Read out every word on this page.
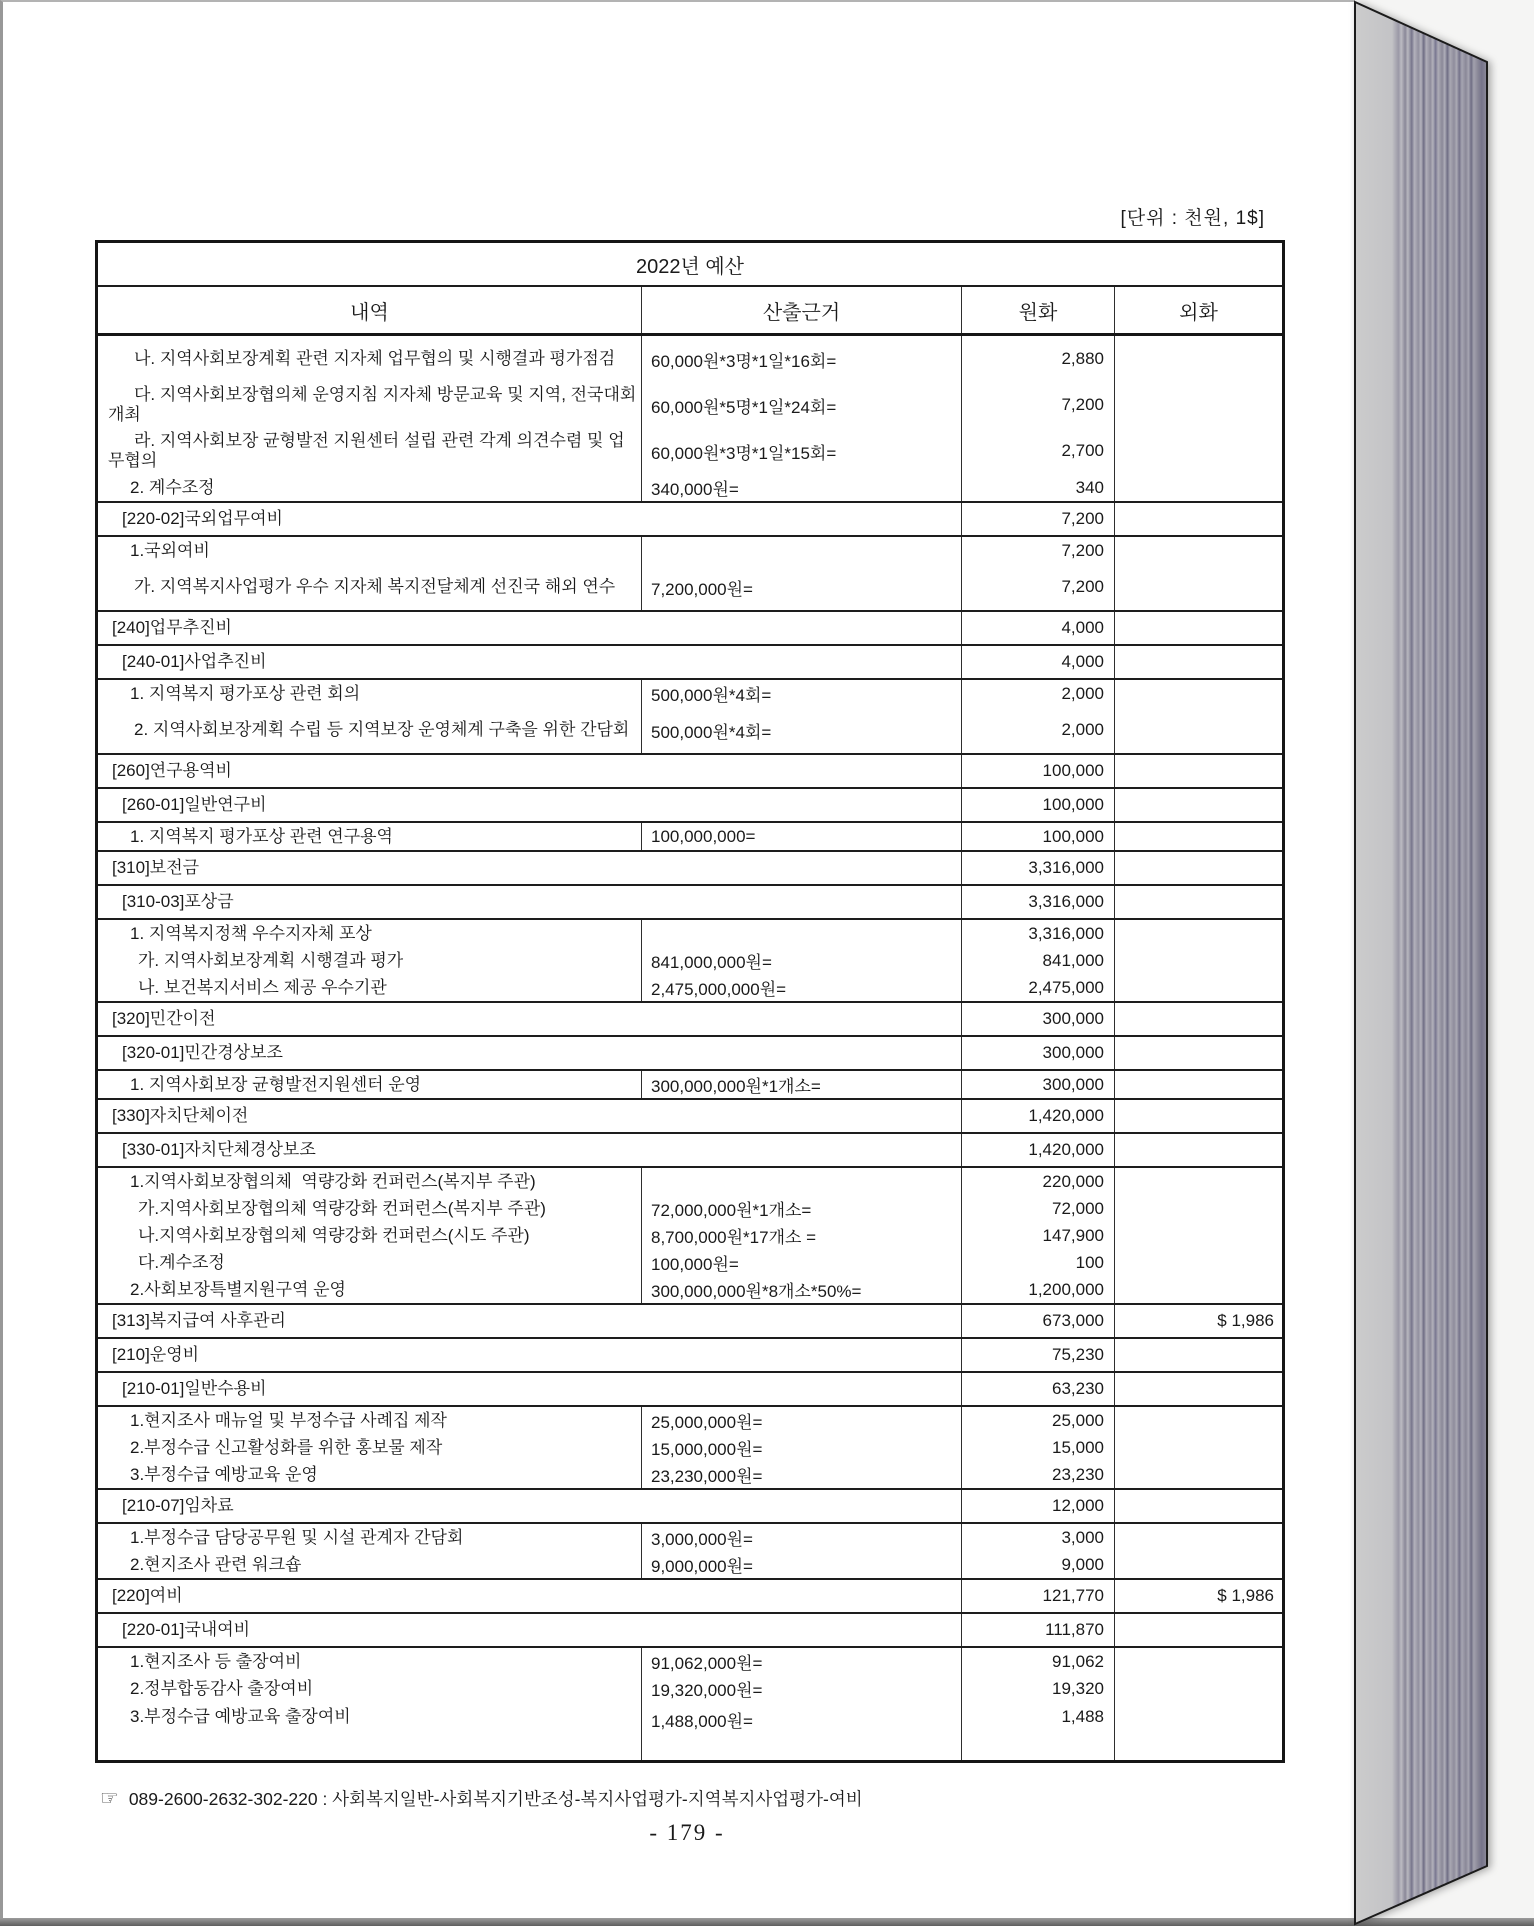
[단위 : 천원, 1$]
2022년 예산
내역	산출근거	원화	외화
나. 지역사회보장계획 관련 지자체 업무협의 및 시행결과 평가점검	60,000원*3명*1일*16회=	2,880
다. 지역사회보장협의체 운영지침 지자체 방문교육 및 지역, 전국대회 개최	60,000원*5명*1일*24회=	7,200
라. 지역사회보장 균형발전 지원센터 설립 관련 각계 의견수렴 및 업무협의	60,000원*3명*1일*15회=	2,700
2. 계수조정	340,000원=	340
[220-02]국외업무여비	7,200
1.국외여비	7,200
가. 지역복지사업평가 우수 지자체 복지전달체계 선진국 해외 연수	7,200,000원=	7,200
[240]업무추진비	4,000
[240-01]사업추진비	4,000
1. 지역복지 평가포상 관련 회의	500,000원*4회=	2,000
2. 지역사회보장계획 수립 등 지역보장 운영체계 구축을 위한 간담회	500,000원*4회=	2,000
[260]연구용역비	100,000
[260-01]일반연구비	100,000
1. 지역복지 평가포상 관련 연구용역	100,000,000=	100,000
[310]보전금	3,316,000
[310-03]포상금	3,316,000
1. 지역복지정책 우수지자체 포상	3,316,000
가. 지역사회보장계획 시행결과 평가	841,000,000원=	841,000
나. 보건복지서비스 제공 우수기관	2,475,000,000원=	2,475,000
[320]민간이전	300,000
[320-01]민간경상보조	300,000
1. 지역사회보장 균형발전지원센터 운영	300,000,000원*1개소=	300,000
[330]자치단체이전	1,420,000
[330-01]자치단체경상보조	1,420,000
1.지역사회보장협의체  역량강화 컨퍼런스(복지부 주관)	220,000
가.지역사회보장협의체 역량강화 컨퍼런스(복지부 주관)	72,000,000원*1개소=	72,000
나.지역사회보장협의체 역량강화 컨퍼런스(시도 주관)	8,700,000원*17개소 =	147,900
다.계수조정	100,000원=	100
2.사회보장특별지원구역 운영	300,000,000원*8개소*50%=	1,200,000
[313]복지급여 사후관리	673,000	$ 1,986
[210]운영비	75,230
[210-01]일반수용비	63,230
1.현지조사 매뉴얼 및 부정수급 사례집 제작	25,000,000원=	25,000
2.부정수급 신고활성화를 위한 홍보물 제작	15,000,000원=	15,000
3.부정수급 예방교육 운영	23,230,000원=	23,230
[210-07]임차료	12,000
1.부정수급 담당공무원 및 시설 관계자 간담회	3,000,000원=	3,000
2.현지조사 관련 워크숍	9,000,000원=	9,000
[220]여비	121,770	$ 1,986
[220-01]국내여비	111,870
1.현지조사 등 출장여비	91,062,000원=	91,062
2.정부합동감사 출장여비	19,320,000원=	19,320
3.부정수급 예방교육 출장여비	1,488,000원=	1,488
☞ 089-2600-2632-302-220 : 사회복지일반-사회복지기반조성-복지사업평가-지역복지사업평가-여비
- 179 -
